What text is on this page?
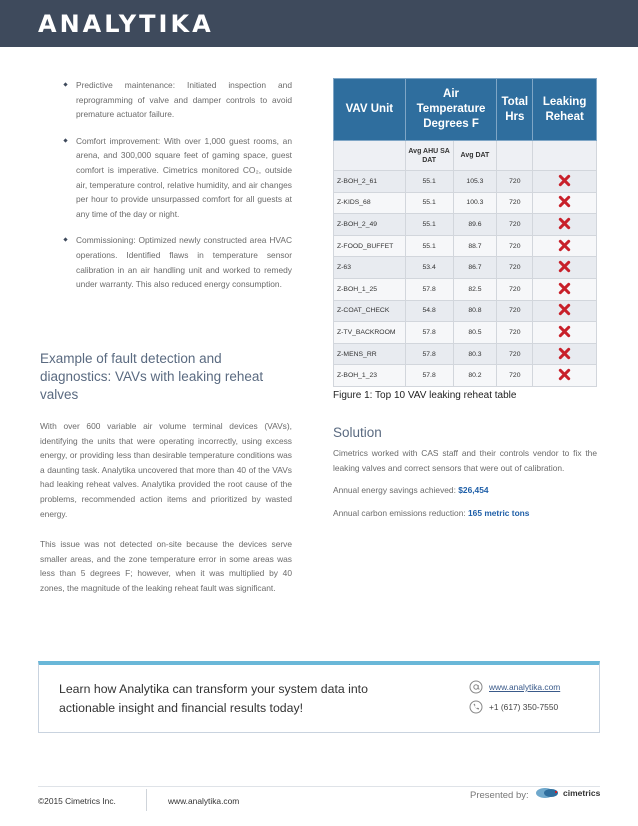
ANALYTIKA

Predictive maintenance: Initiated inspection and reprogramming of valve and damper controls to avoid premature actuator failure.

Comfort improvement: With over 1,000 guest rooms, an arena, and 300,000 square feet of gaming space, guest comfort is imperative. Cimetrics monitored CO₂, outside air, temperature control, relative humidity, and air changes per hour to provide unsurpassed comfort for all guests at any time of the day or night.

Commissioning: Optimized newly constructed area HVAC operations. Identified flaws in temperature sensor calibration in an air handling unit and worked to remedy under warranty. This also reduced energy consumption.

Example of fault detection and diagnostics: VAVs with leaking reheat valves

With over 600 variable air volume terminal devices (VAVs), identifying the units that were operating incorrectly, using excess energy, or providing less than desirable temperature conditions was a daunting task. Analytika uncovered that more than 40 of the VAVs had leaking reheat valves. Analytika provided the root cause of the problems, recommended action items and prioritized by wasted energy.

This issue was not detected on-site because the devices serve smaller areas, and the zone temperature error in some areas was less than 5 degrees F; however, when it was multiplied by 40 zones, the magnitude of the leaking reheat fault was significant.

VAV Unit	Air Temperature Degrees F		Total Hrs	Leaking Reheat
	Avg AHU SA DAT	Avg DAT		
Z-BOH_2_61	55.1	105.3	720	
Z-KIDS_68	55.1	100.3	720	
Z-BOH_2_49	55.1	89.6	720	
Z-FOOD_BUFFET	55.1	88.7	720	
Z-63	53.4	86.7	720	
Z-BOH_1_25	57.8	82.5	720	
Z-COAT_CHECK	54.8	80.8	720	
Z-TV_BACKROOM	57.8	80.5	720	
Z-MENS_RR	57.8	80.3	720	
Z-BOH_1_23	57.8	80.2	720	
Figure 1: Top 10 VAV leaking reheat table
Solution

Cimetrics worked with CAS staff and their controls vendor to fix the leaking valves and correct sensors that were out of calibration.

Annual energy savings achieved: $26,454

Annual carbon emissions reduction: 165 metric tons

Learn how Analytika can transform your system data into actionable insight and financial results today!
www.analytika.com
+1 (617) 350-7550
©2015 Cimetrics Inc.	www.analytika.com	Presented by:	cimetrics
